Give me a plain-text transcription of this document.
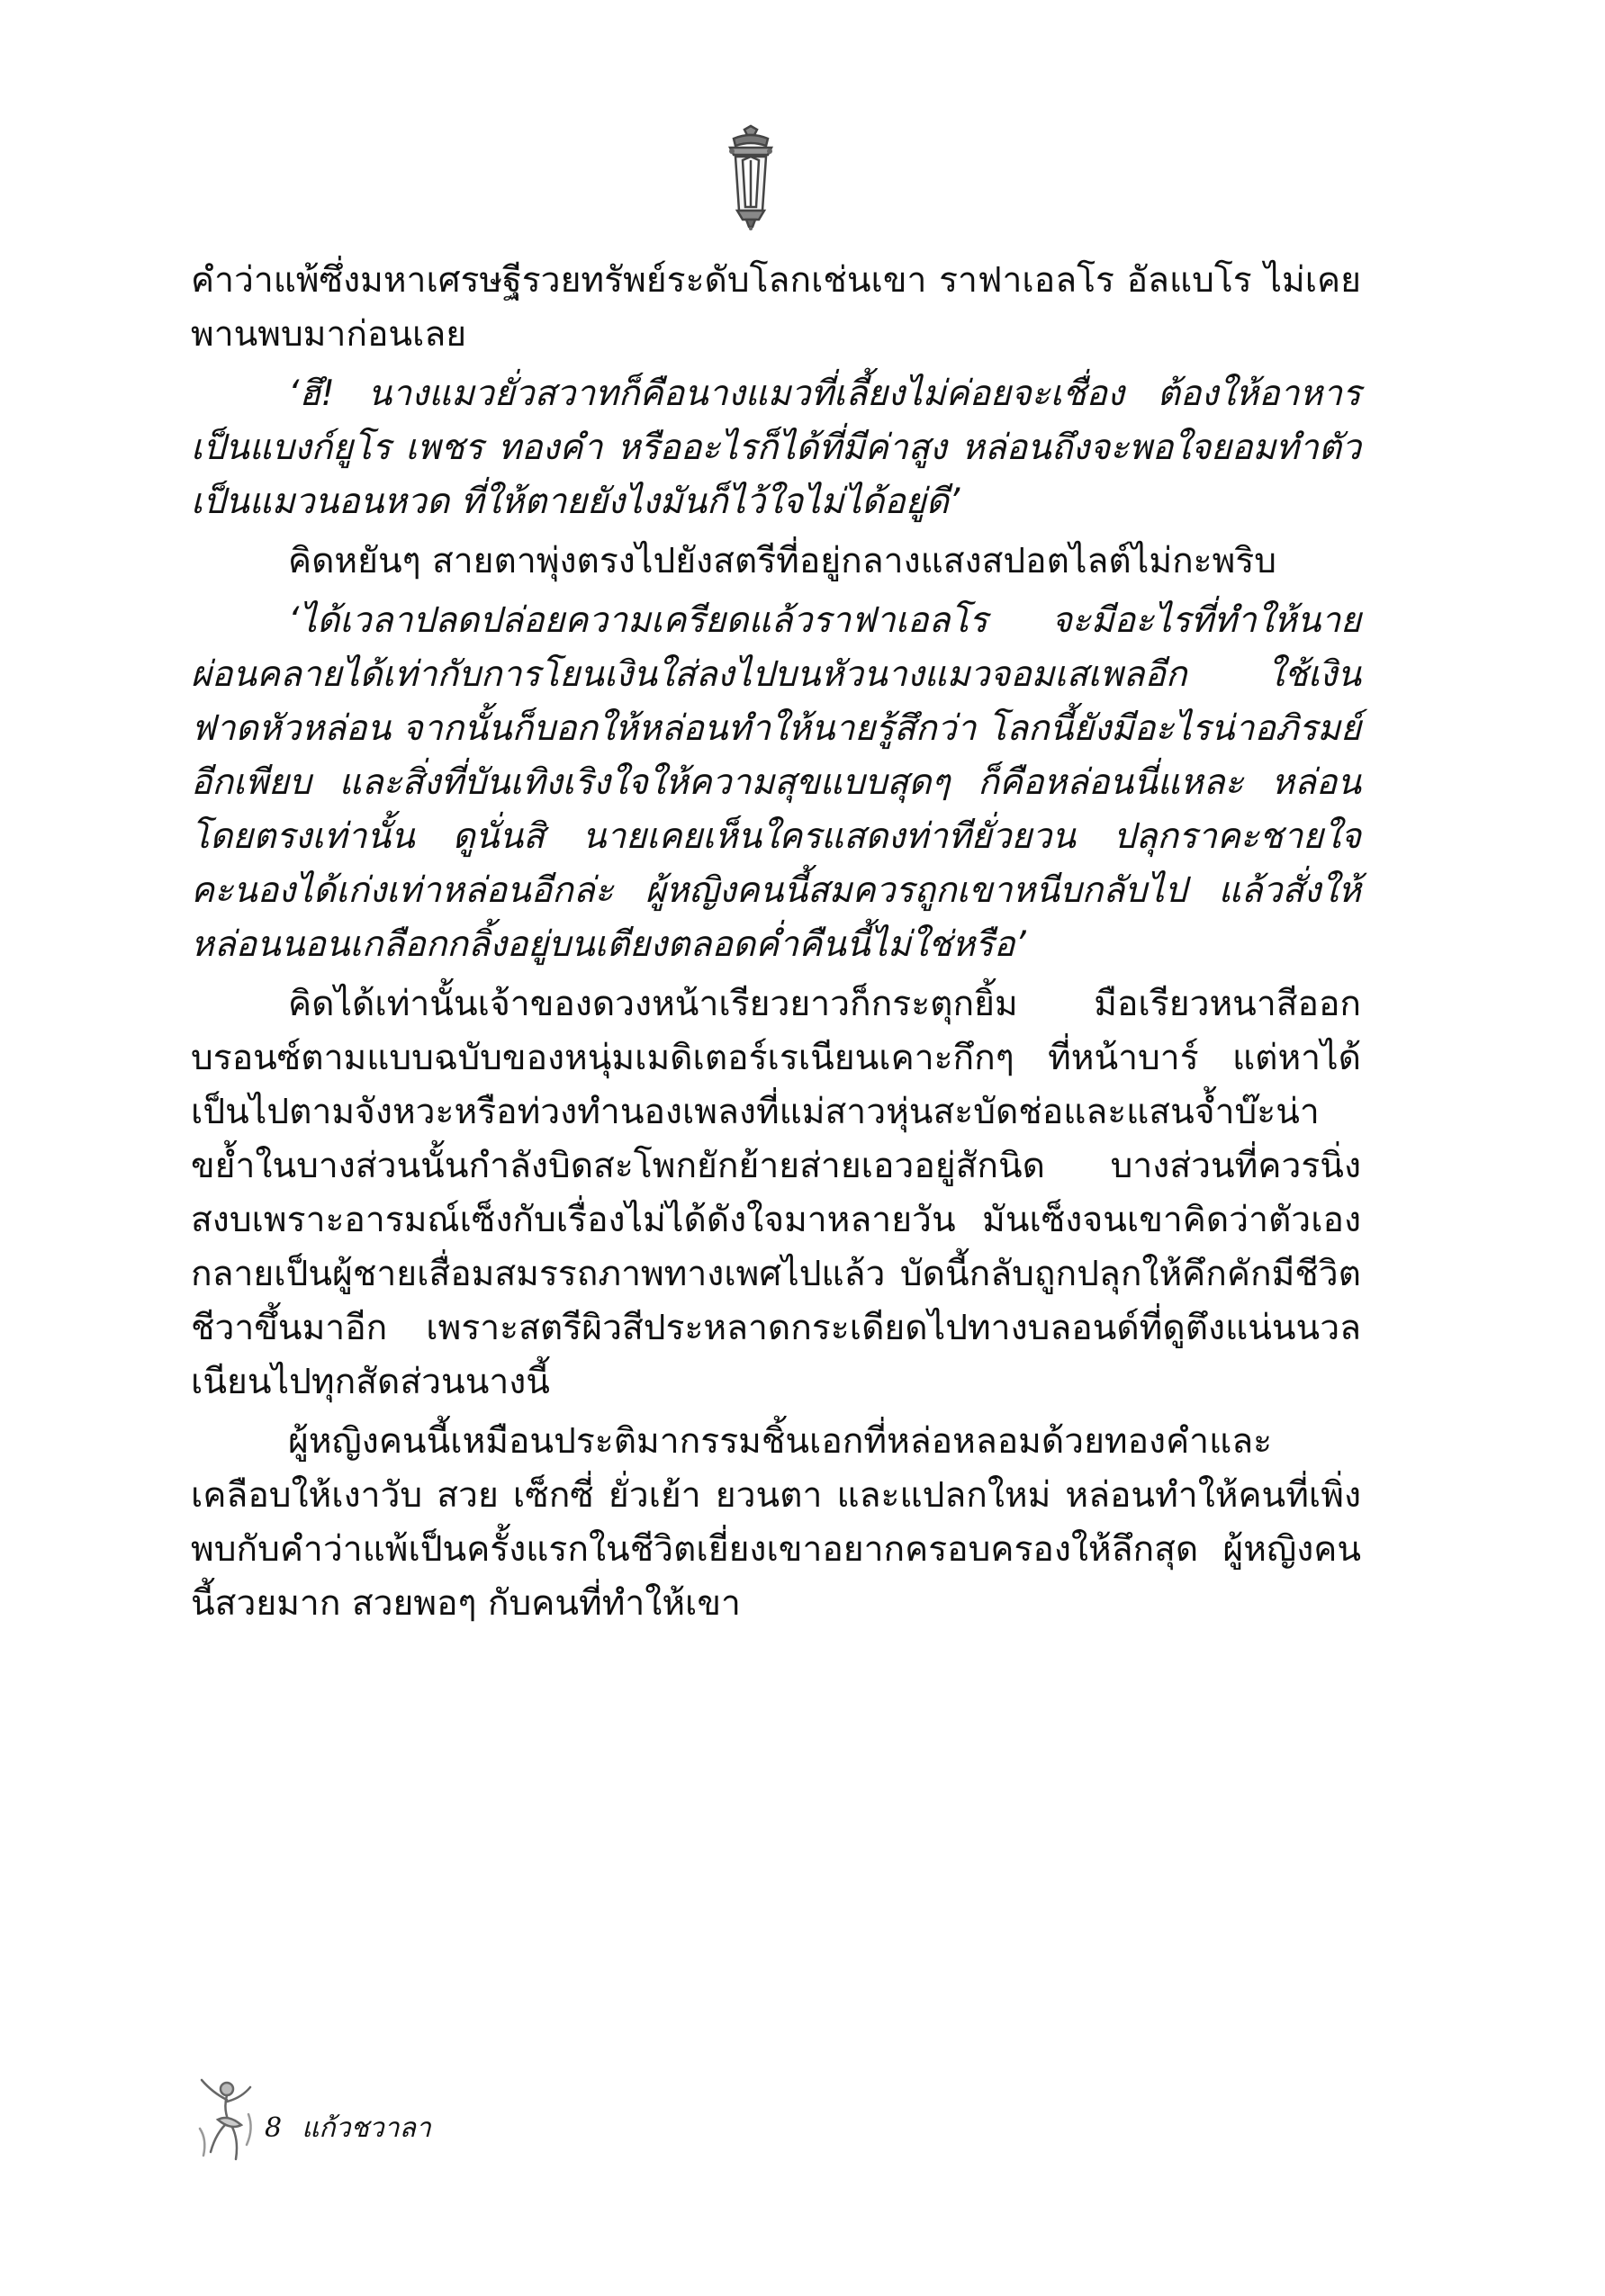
คำว่าแพ้ซึ่งมหาเศรษฐีรวยทรัพย์ระดับโลกเช่นเขา ราฟาเอลโร อัลแบโร ไม่เคยพานพบมาก่อนเลย

‘ฮึ! นางแมวยั่วสวาทก็คือนางแมวที่เลี้ยงไม่ค่อยจะเชื่อง ต้องให้อาหารเป็นแบงก์ยูโร เพชร ทองคำ หรืออะไรก็ได้ที่มีค่าสูง หล่อนถึงจะพอใจยอมทำตัวเป็นแมวนอนหวด ที่ให้ตายยังไงมันก็ไว้ใจไม่ได้อยู่ดี’

คิดหยันๆ สายตาพุ่งตรงไปยังสตรีที่อยู่กลางแสงสปอตไลต์ไม่กะพริบ

‘ได้เวลาปลดปล่อยความเครียดแล้วราฟาเอลโร จะมีอะไรที่ทำให้นายผ่อนคลายได้เท่ากับการโยนเงินใส่ลงไปบนหัวนางแมวจอมเสเพลอีก ใช้เงินฟาดหัวหล่อน จากนั้นก็บอกให้หล่อนทำให้นายรู้สึกว่า โลกนี้ยังมีอะไรน่าอภิรมย์อีกเพียบ และสิ่งที่บันเทิงเริงใจให้ความสุขแบบสุดๆ ก็คือหล่อนนี่แหละ หล่อนโดยตรงเท่านั้น ดูนั่นสิ นายเคยเห็นใครแสดงท่าทียั่วยวน ปลุกราคะชายใจคะนองได้เก่งเท่าหล่อนอีกล่ะ ผู้หญิงคนนี้สมควรถูกเขาหนีบกลับไป แล้วสั่งให้หล่อนนอนเกลือกกลิ้งอยู่บนเตียงตลอดค่ำคืนนี้ไม่ใช่หรือ’

คิดได้เท่านั้นเจ้าของดวงหน้าเรียวยาวก็กระตุกยิ้ม มือเรียวหนาสีออกบรอนซ์ตามแบบฉบับของหนุ่มเมดิเตอร์เรเนียนเคาะกึกๆ ที่หน้าบาร์ แต่หาได้เป็นไปตามจังหวะหรือท่วงทำนองเพลงที่แม่สาวหุ่นสะบัดช่อและแสนจ้ำบ๊ะน่าขย้ำในบางส่วนนั้นกำลังบิดสะโพกยักย้ายส่ายเอวอยู่สักนิด บางส่วนที่ควรนิ่งสงบเพราะอารมณ์เซ็งกับเรื่องไม่ได้ดังใจมาหลายวัน มันเซ็งจนเขาคิดว่าตัวเองกลายเป็นผู้ชายเสื่อมสมรรถภาพทางเพศไปแล้ว บัดนี้กลับถูกปลุกให้คึกคักมีชีวิตชีวาขึ้นมาอีก เพราะสตรีผิวสีประหลาดกระเดียดไปทางบลอนด์ที่ดูตึงแน่นนวลเนียนไปทุกสัดส่วนนางนี้

ผู้หญิงคนนี้เหมือนประติมากรรมชิ้นเอกที่หล่อหลอมด้วยทองคำและเคลือบให้เงาวับ สวย เซ็กซี่ ยั่วเย้า ยวนตา และแปลกใหม่ หล่อนทำให้คนที่เพิ่งพบกับคำว่าแพ้เป็นครั้งแรกในชีวิตเยี่ยงเขาอยากครอบครองให้ลึกสุด ผู้หญิงคนนี้สวยมาก สวยพอๆ กับคนที่ทำให้เขา

8 แก้วชวาลา
